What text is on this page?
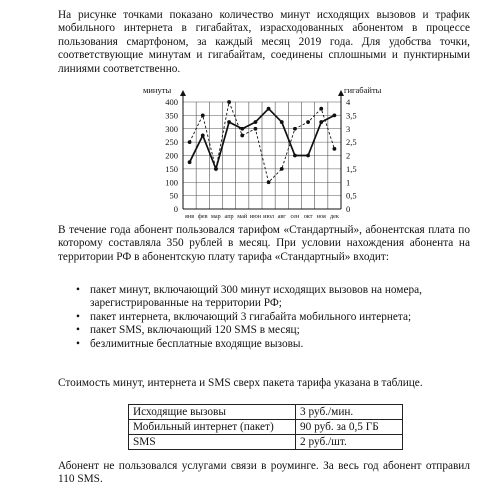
На рисунке точками показано количество минут исходящих вызовов и трафик мобильного интернета в гигабайтах, израсходованных абонентом в процессе пользования смартфоном, за каждый месяц 2019 года. Для удобства точки, соответствующие минутам и гигабайтам, соединены сплошными и пунктирными линиями соответственно.
0	0
50	0,5
100	1
150	1,5
200	2
250	2,5
300	3
350	3,5
400	4
минуты	гигабайты
янв фев мар апр май июн июл авг сен окт ноя дек
В течение года абонент пользовался тарифом «Стандартный», абонентская плата по которому составляла 350 рублей в месяц. При условии нахождения абонента на территории РФ в абонентскую плату тарифа «Стандартный» входит:
• пакет минут, включающий 300 минут исходящих вызовов на номера, зарегистрированные на территории РФ;
• пакет интернета, включающий 3 гигабайта мобильного интернета;
• пакет SMS, включающий 120 SMS в месяц;
• безлимитные бесплатные входящие вызовы.
Стоимость минут, интернета и SMS сверх пакета тарифа указана в таблице.
Исходящие вызовы	3 руб./мин.
Мобильный интернет (пакет)	90 руб. за 0,5 ГБ
SMS	2 руб./шт.
Абонент не пользовался услугами связи в роуминге. За весь год абонент отправил 110 SMS.
